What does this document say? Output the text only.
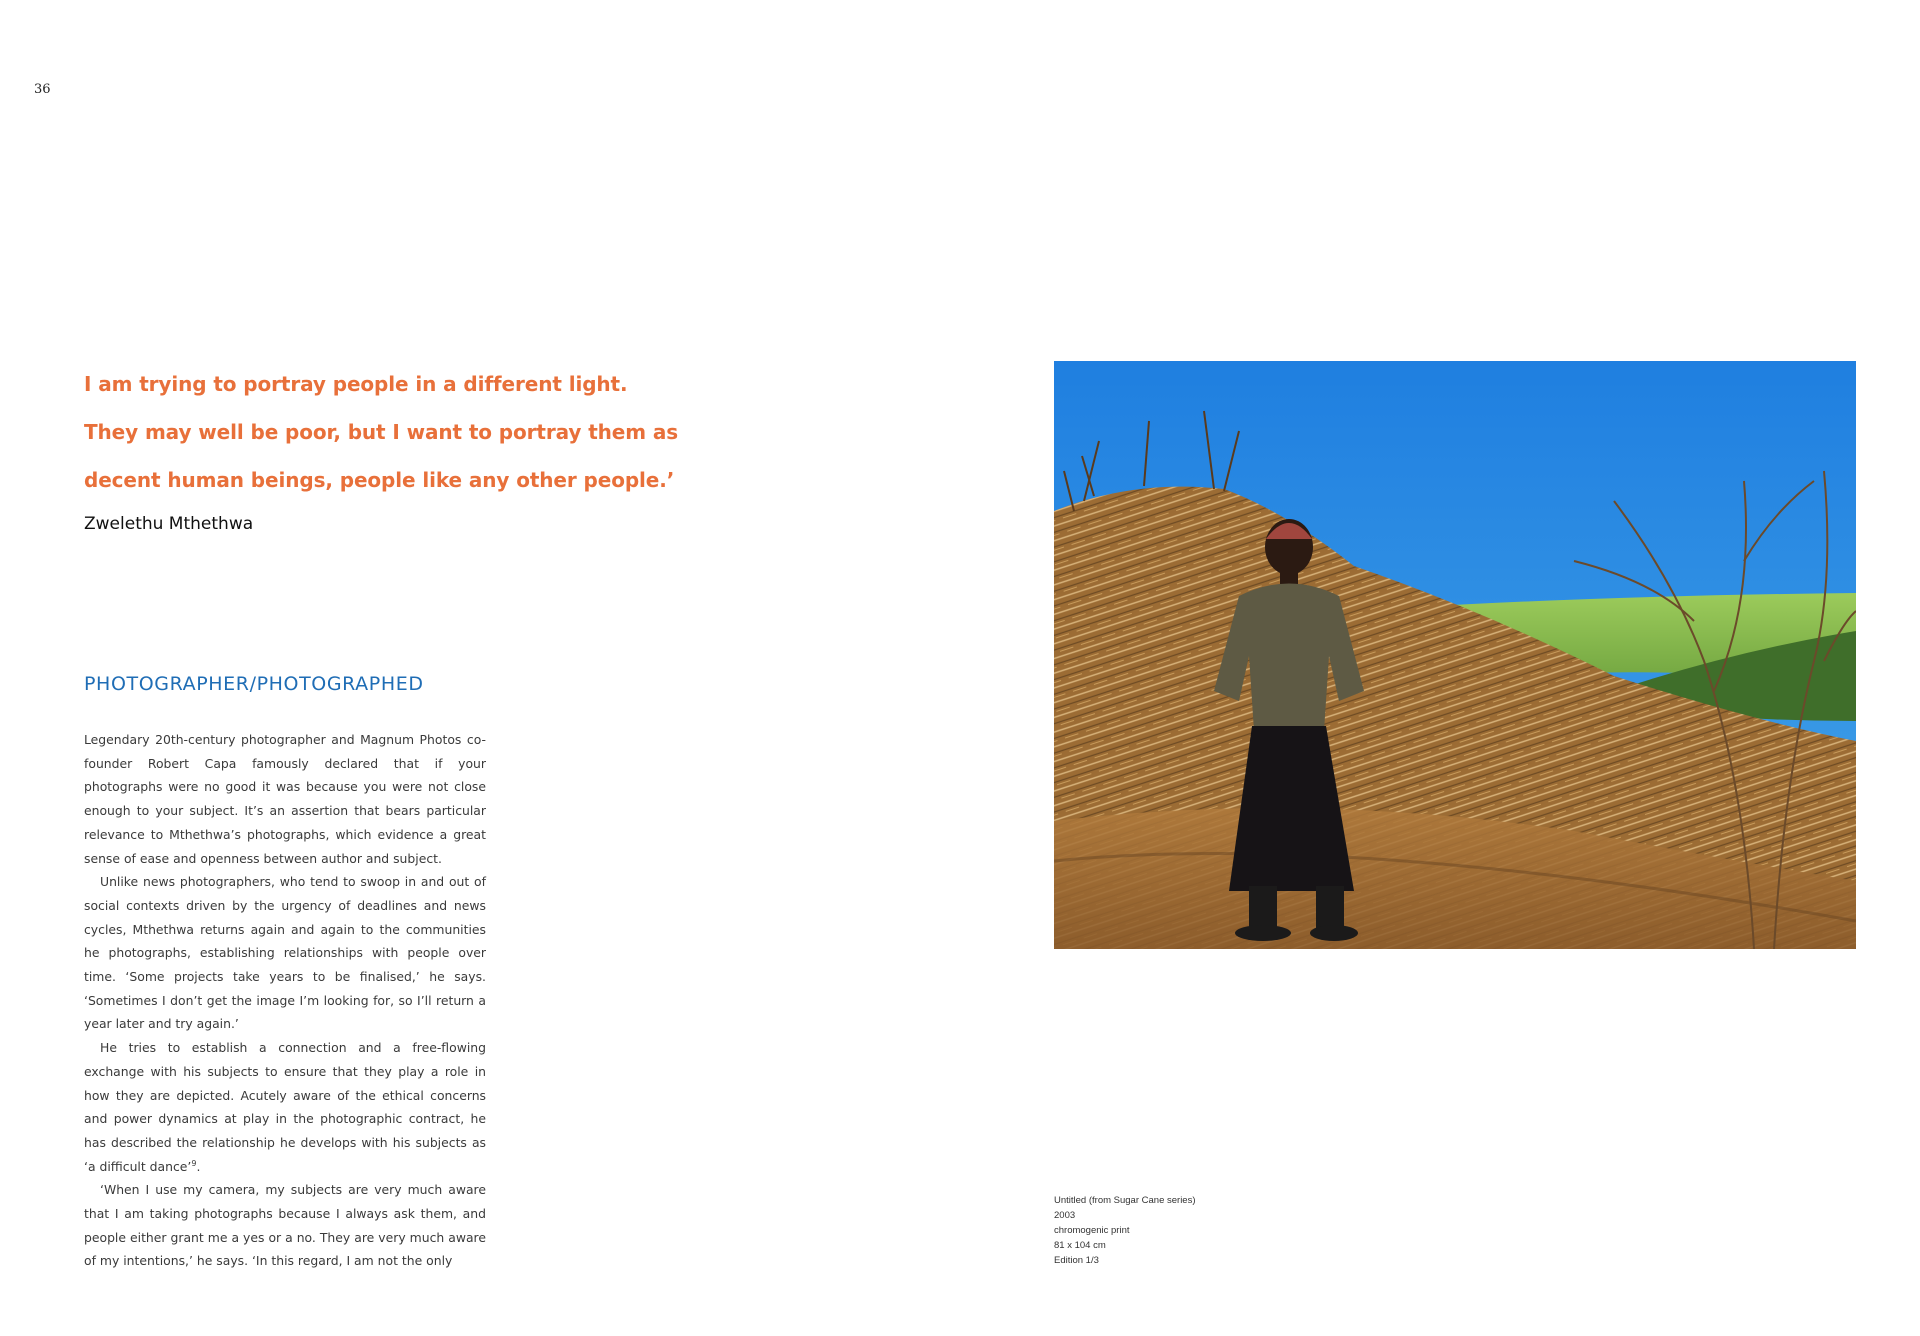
36
I am trying to portray people in a different light.
They may well be poor, but I want to portray them as
decent human beings, people like any other people.’
Zwelethu Mthethwa
PHOTOGRAPHER/PHOTOGRAPHED

Legendary 20th-century photographer and Magnum Photos co-founder Robert Capa famously declared that if your photographs were no good it was because you were not close enough to your subject. It’s an assertion that bears particular relevance to Mthethwa’s photographs, which evidence a great sense of ease and openness between author and subject.

Unlike news photographers, who tend to swoop in and out of social contexts driven by the urgency of deadlines and news cycles, Mthethwa returns again and again to the communities he photographs, establishing relationships with people over time. ‘Some projects take years to be finalised,’ he says. ‘Sometimes I don’t get the image I’m looking for, so I’ll return a year later and try again.’

He tries to establish a connection and a free-flowing exchange with his subjects to ensure that they play a role in how they are depicted. Acutely aware of the ethical concerns and power dynamics at play in the photographic contract, he has described the relationship he develops with his subjects as ‘a difficult dance’$^9$.

‘When I use my camera, my subjects are very much aware that I am taking photographs because I always ask them, and people either grant me a yes or a no. They are very much aware of my intentions,’ he says. ‘In this regard, I am not the only

Untitled (from Sugar Cane series)
2003
chromogenic print
81 x 104 cm
Edition 1/3
